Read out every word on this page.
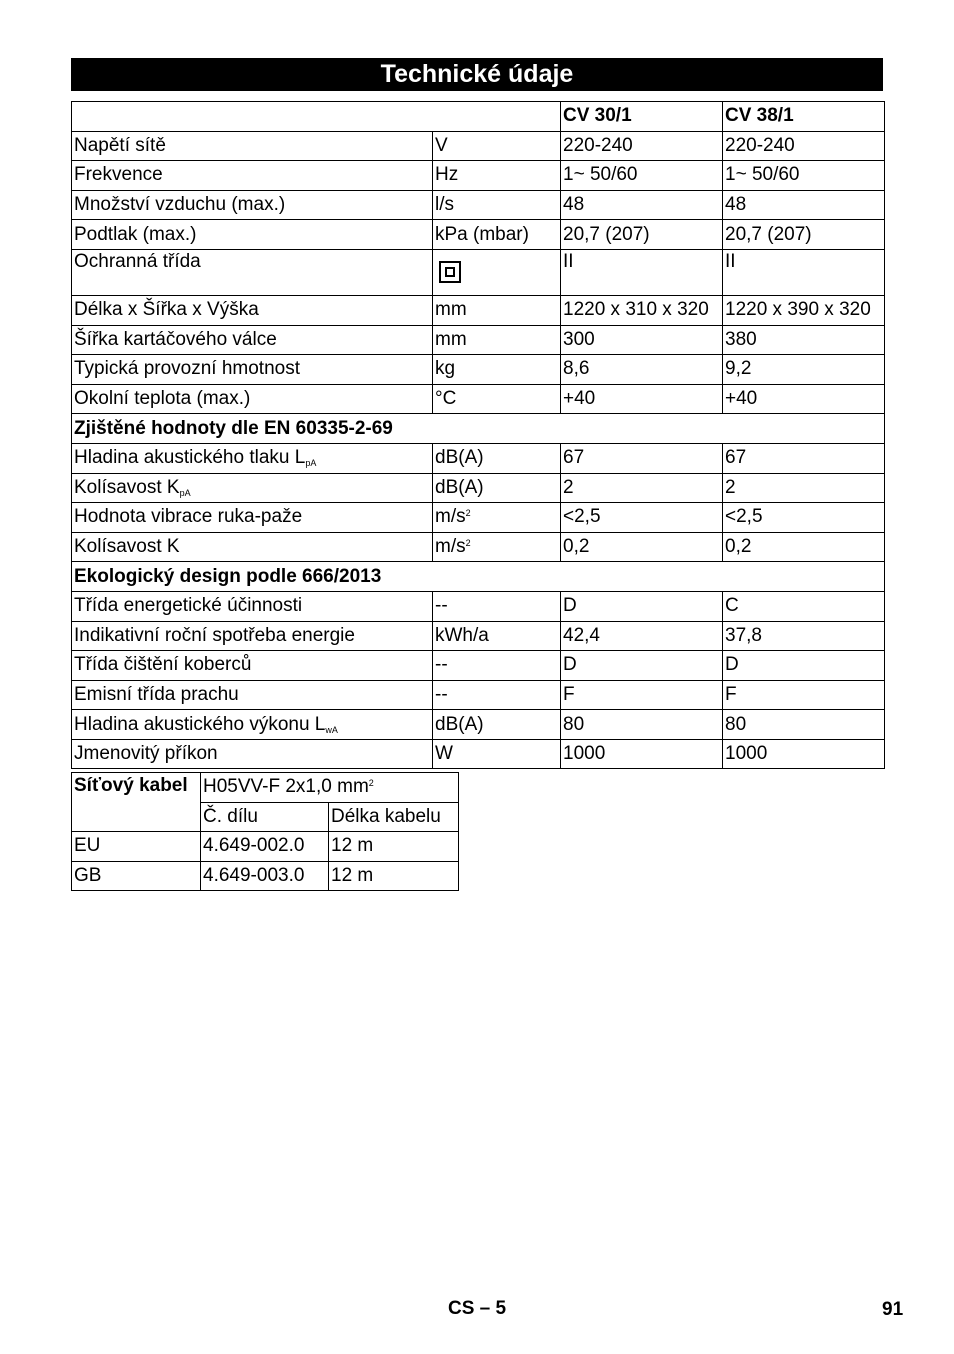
Technické údaje
		CV 30/1	CV 38/1
Napětí sítě	V	220-240	220-240
Frekvence	Hz	1~ 50/60	1~ 50/60
Množství vzduchu (max.)	l/s	48	48
Podtlak (max.)	kPa (mbar)	20,7 (207)	20,7 (207)
Ochranná třída		II	II
Délka x Šířka x Výška	mm	1220 x 310 x 320	1220 x 390 x 320
Šířka kartáčového válce	mm	300	380
Typická provozní hmotnost	kg	8,6	9,2
Okolní teplota (max.)	°C	+40	+40
Zjištěné hodnoty dle EN 60335-2-69			
Hladina akustického tlaku $L_{pA}$	dB(A)	67	67
Kolísavost $K_{pA}$	dB(A)	2	2
Hodnota vibrace ruka-paže	$m/s^2$	<2,5	<2,5
Kolísavost K	$m/s^2$	0,2	0,2
Ekologický design podle 666/2013			
Třída energetické účinnosti	--	D	C
Indikativní roční spotřeba energie	kWh/a	42,4	37,8
Třída čištění koberců	--	D	D
Emisní třída prachu	--	F	F
Hladina akustického výkonu $L_{wA}$	dB(A)	80	80
Jmenovitý příkon	W	1000	1000
Síťový kabel	H05VV-F 2x1,0 $mm^2$
	Č. dílu	Délka kabelu
EU	4.649-002.0	12 m
GB	4.649-003.0	12 m
CS – 5	91
